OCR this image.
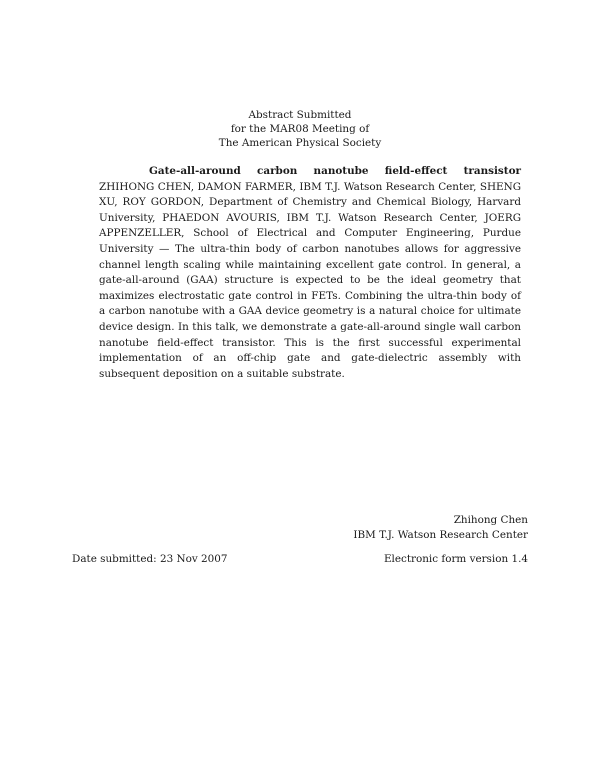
Abstract Submitted
for the MAR08 Meeting of
The American Physical Society
Gate-all-around carbon nanotube field-effect transistor ZHIHONG CHEN, DAMON FARMER, IBM T.J. Watson Research Center, SHENG XU, ROY GORDON, Department of Chemistry and Chemical Biology, Harvard University, PHAEDON AVOURIS, IBM T.J. Watson Research Center, JOERG APPENZELLER, School of Electrical and Computer Engineering, Purdue University — The ultra-thin body of carbon nanotubes allows for aggressive channel length scaling while maintaining excellent gate control. In general, a gate-all-around (GAA) structure is expected to be the ideal geometry that maximizes electrostatic gate control in FETs. Combining the ultra-thin body of a carbon nanotube with a GAA device geometry is a natural choice for ultimate device design. In this talk, we demonstrate a gate-all-around single wall carbon nanotube field-effect transistor. This is the first successful experimental implementation of an off-chip gate and gate-dielectric assembly with subsequent deposition on a suitable substrate.
Zhihong Chen
IBM T.J. Watson Research Center
Date submitted: 23 Nov 2007	Electronic form version 1.4
